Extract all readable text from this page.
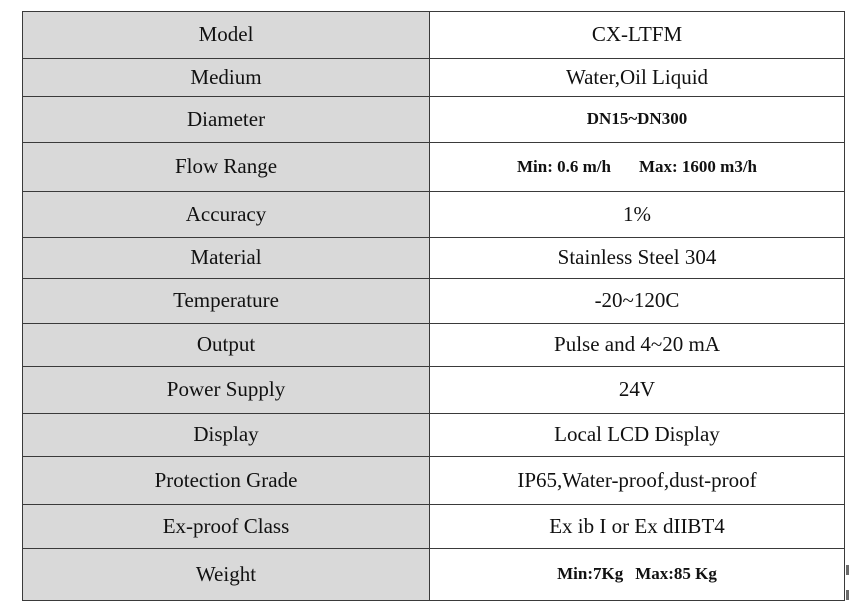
Model	CX-LTFM
Medium	Water,Oil Liquid
Diameter	DN15~DN300
Flow Range	Min: 0.6 m/h Max: 1600 m3/h
Accuracy	1%
Material	Stainless Steel 304
Temperature	-20~120C
Output	Pulse and 4~20 mA
Power Supply	24V
Display	Local LCD Display
Protection Grade	IP65,Water-proof,dust-proof
Ex-proof Class	Ex ib I or Ex dIIBT4
Weight	Min:7Kg Max:85 Kg
